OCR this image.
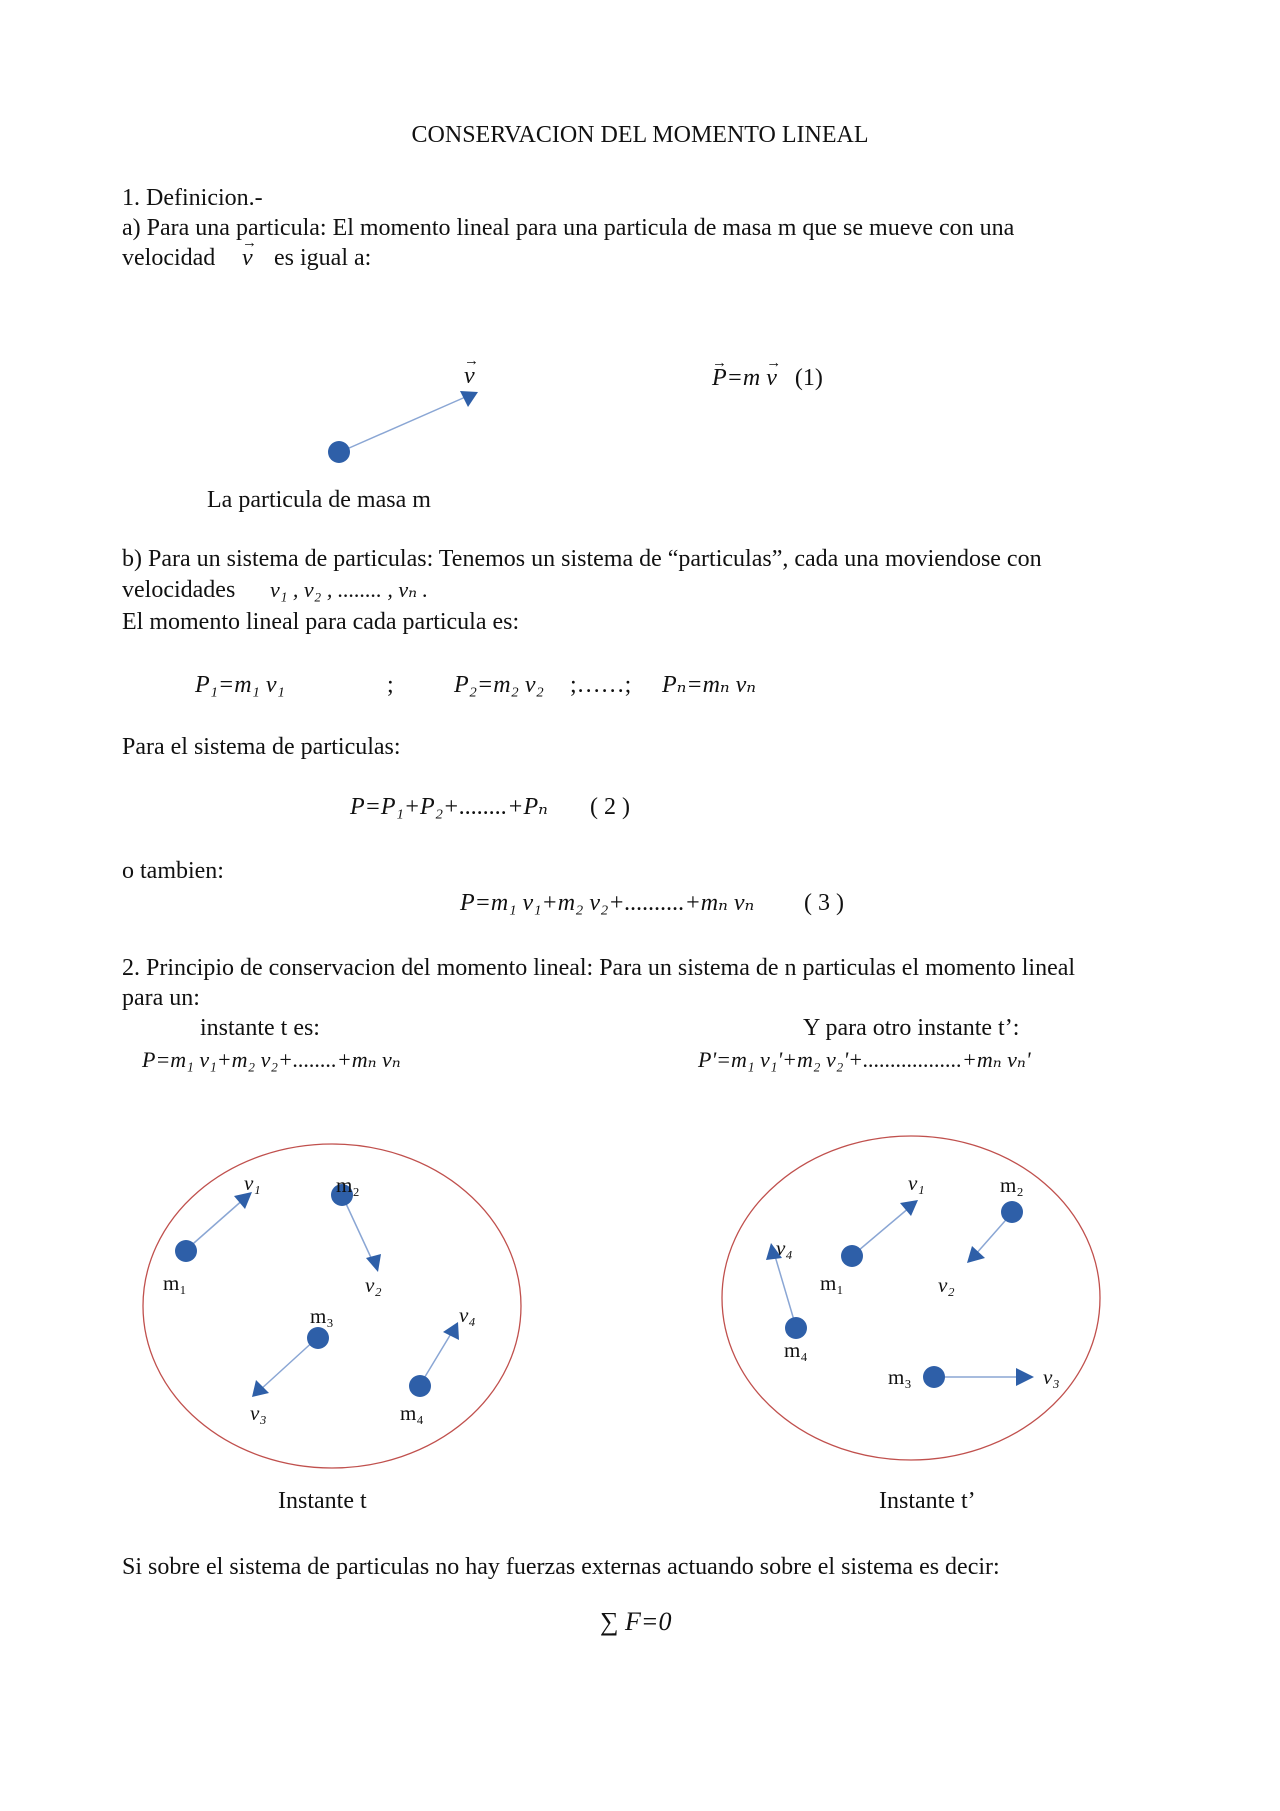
CONSERVACION DEL MOMENTO LINEAL
1. Definicion.-
a) Para una particula: El momento lineal para una particula de masa m que se mueve con una
velocidad → v es igual a:
→ v
La particula de masa m
→ P=m → v (1)
b) Para un sistema de particulas: Tenemos un sistema de “particulas”, cada una moviendose con
velocidades v₁ , v₂ , ........ , vₙ .
El momento lineal para cada particula es:
P₁=m₁ v₁	;	P₂=m₂ v₂ ;……; Pₙ=mₙ vₙ
Para el sistema de particulas:
P=P₁+P₂+........+Pₙ ( 2 )
o tambien:
P=m₁ v₁+m₂ v₂+..........+mₙ vₙ ( 3 )
2. Principio de conservacion del momento lineal: Para un sistema de n particulas el momento lineal
para un:
instante t es:
P=m₁ v₁+m₂ v₂+........+mₙ vₙ
Y para otro instante t’:
P'=m₁ v₁'+m₂ v₂'+..................+mₙ vₙ'
m₁
m₂
m₃
m₄
v₁
v₂
v₃
v₄
m₁
m₂
m₃
m₄
v₁
v₂
v₃
v₄
Instante t	Instante t’
Si sobre el sistema de particulas no hay fuerzas externas actuando sobre el sistema es decir:
∑ F=0
